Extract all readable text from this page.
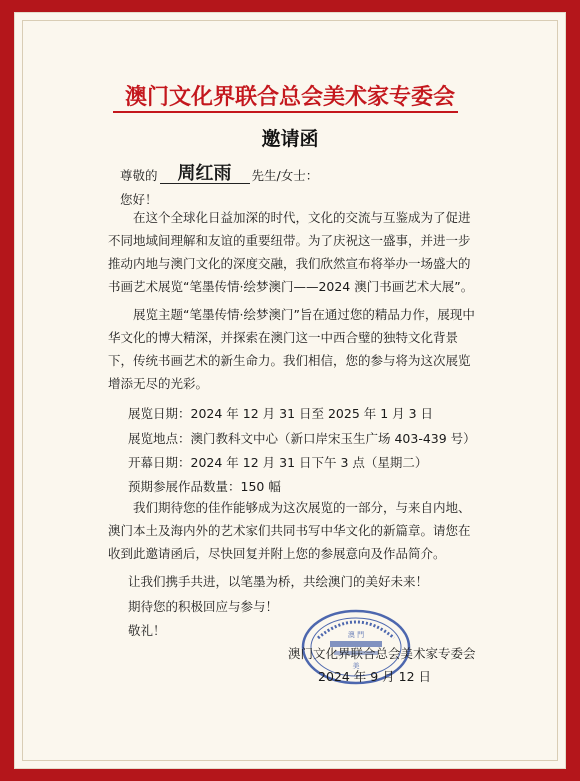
澳门文化界联合总会美术家专委会
邀请函
尊敬的 周红雨 先生/女士：
您好！
在这个全球化日益加深的时代，文化的交流与互鉴成为了促进不同地域间理解和友谊的重要纽带。为了庆祝这一盛事，并进一步推动内地与澳门文化的深度交融，我们欣然宣布将举办一场盛大的书画艺术展览“笔墨传情·绘梦澳门——2024 澳门书画艺术大展”。
展览主题“笔墨传情·绘梦澳门”旨在通过您的精品力作，展现中华文化的博大精深，并探索在澳门这一中西合璧的独特文化背景下，传统书画艺术的新生命力。我们相信，您的参与将为这次展览增添无尽的光彩。
展览日期：2024 年 12 月 31 日至 2025 年 1 月 3 日
展览地点：澳门教科文中心（新口岸宋玉生广场 403-439 号）
开幕日期：2024 年 12 月 31 日下午 3 点（星期二）
预期参展作品数量：150 幅
我们期待您的佳作能够成为这次展览的一部分，与来自内地、澳门本土及海内外的艺术家们共同书写中华文化的新篇章。请您在收到此邀请函后，尽快回复并附上您的参展意向及作品简介。
让我们携手共进，以笔墨为桥，共绘澳门的美好未来！
期待您的积极回应与参与！
敬礼！	澳 門
美
澳门文化界联合总会美术家专委会
2024 年 9 月 12 日
